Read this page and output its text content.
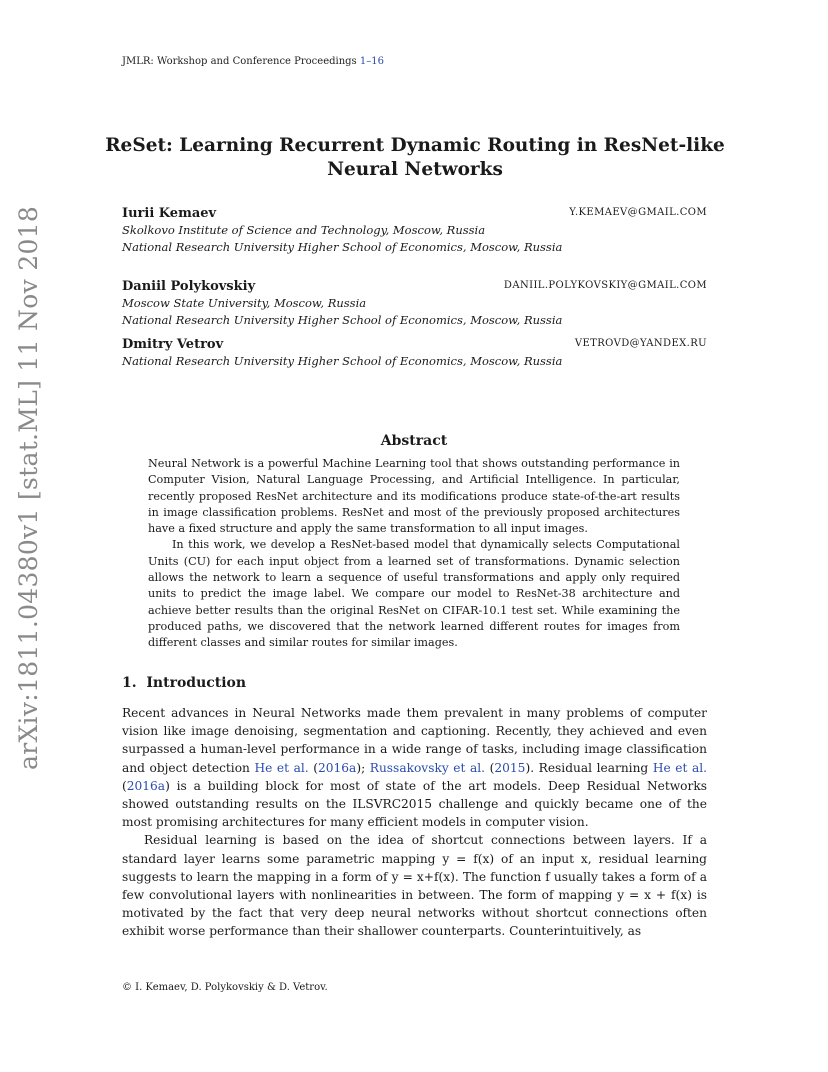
JMLR: Workshop and Conference Proceedings 1–16
ReSet: Learning Recurrent Dynamic Routing in ResNet-like
Neural Networks
Iurii Kemaev	Y.KEMAEV@GMAIL.COM
Skolkovo Institute of Science and Technology, Moscow, Russia
National Research University Higher School of Economics, Moscow, Russia
Daniil Polykovskiy	DANIIL.POLYKOVSKIY@GMAIL.COM
Moscow State University, Moscow, Russia
National Research University Higher School of Economics, Moscow, Russia
Dmitry Vetrov	VETROVD@YANDEX.RU
National Research University Higher School of Economics, Moscow, Russia
Abstract

Neural Network is a powerful Machine Learning tool that shows outstanding performance in Computer Vision, Natural Language Processing, and Artificial Intelligence. In particular, recently proposed ResNet architecture and its modifications produce state-of-the-art results in image classification problems. ResNet and most of the previously proposed architectures have a fixed structure and apply the same transformation to all input images.

In this work, we develop a ResNet-based model that dynamically selects Computational Units (CU) for each input object from a learned set of transformations. Dynamic selection allows the network to learn a sequence of useful transformations and apply only required units to predict the image label. We compare our model to ResNet-38 architecture and achieve better results than the original ResNet on CIFAR-10.1 test set. While examining the produced paths, we discovered that the network learned different routes for images from different classes and similar routes for similar images.

1. Introduction

Recent advances in Neural Networks made them prevalent in many problems of computer vision like image denoising, segmentation and captioning. Recently, they achieved and even surpassed a human-level performance in a wide range of tasks, including image classification and object detection He et al. (2016a); Russakovsky et al. (2015). Residual learning He et al. (2016a) is a building block for most of state of the art models. Deep Residual Networks showed outstanding results on the ILSVRC2015 challenge and quickly became one of the most promising architectures for many efficient models in computer vision.

Residual learning is based on the idea of shortcut connections between layers. If a standard layer learns some parametric mapping y = f(x) of an input x, residual learning suggests to learn the mapping in a form of y = x+f(x). The function f usually takes a form of a few convolutional layers with nonlinearities in between. The form of mapping y = x + f(x) is motivated by the fact that very deep neural networks without shortcut connections often exhibit worse performance than their shallower counterparts. Counterintuitively, as

© I. Kemaev, D. Polykovskiy & D. Vetrov.
arXiv:1811.04380v1 [stat.ML] 11 Nov 2018
